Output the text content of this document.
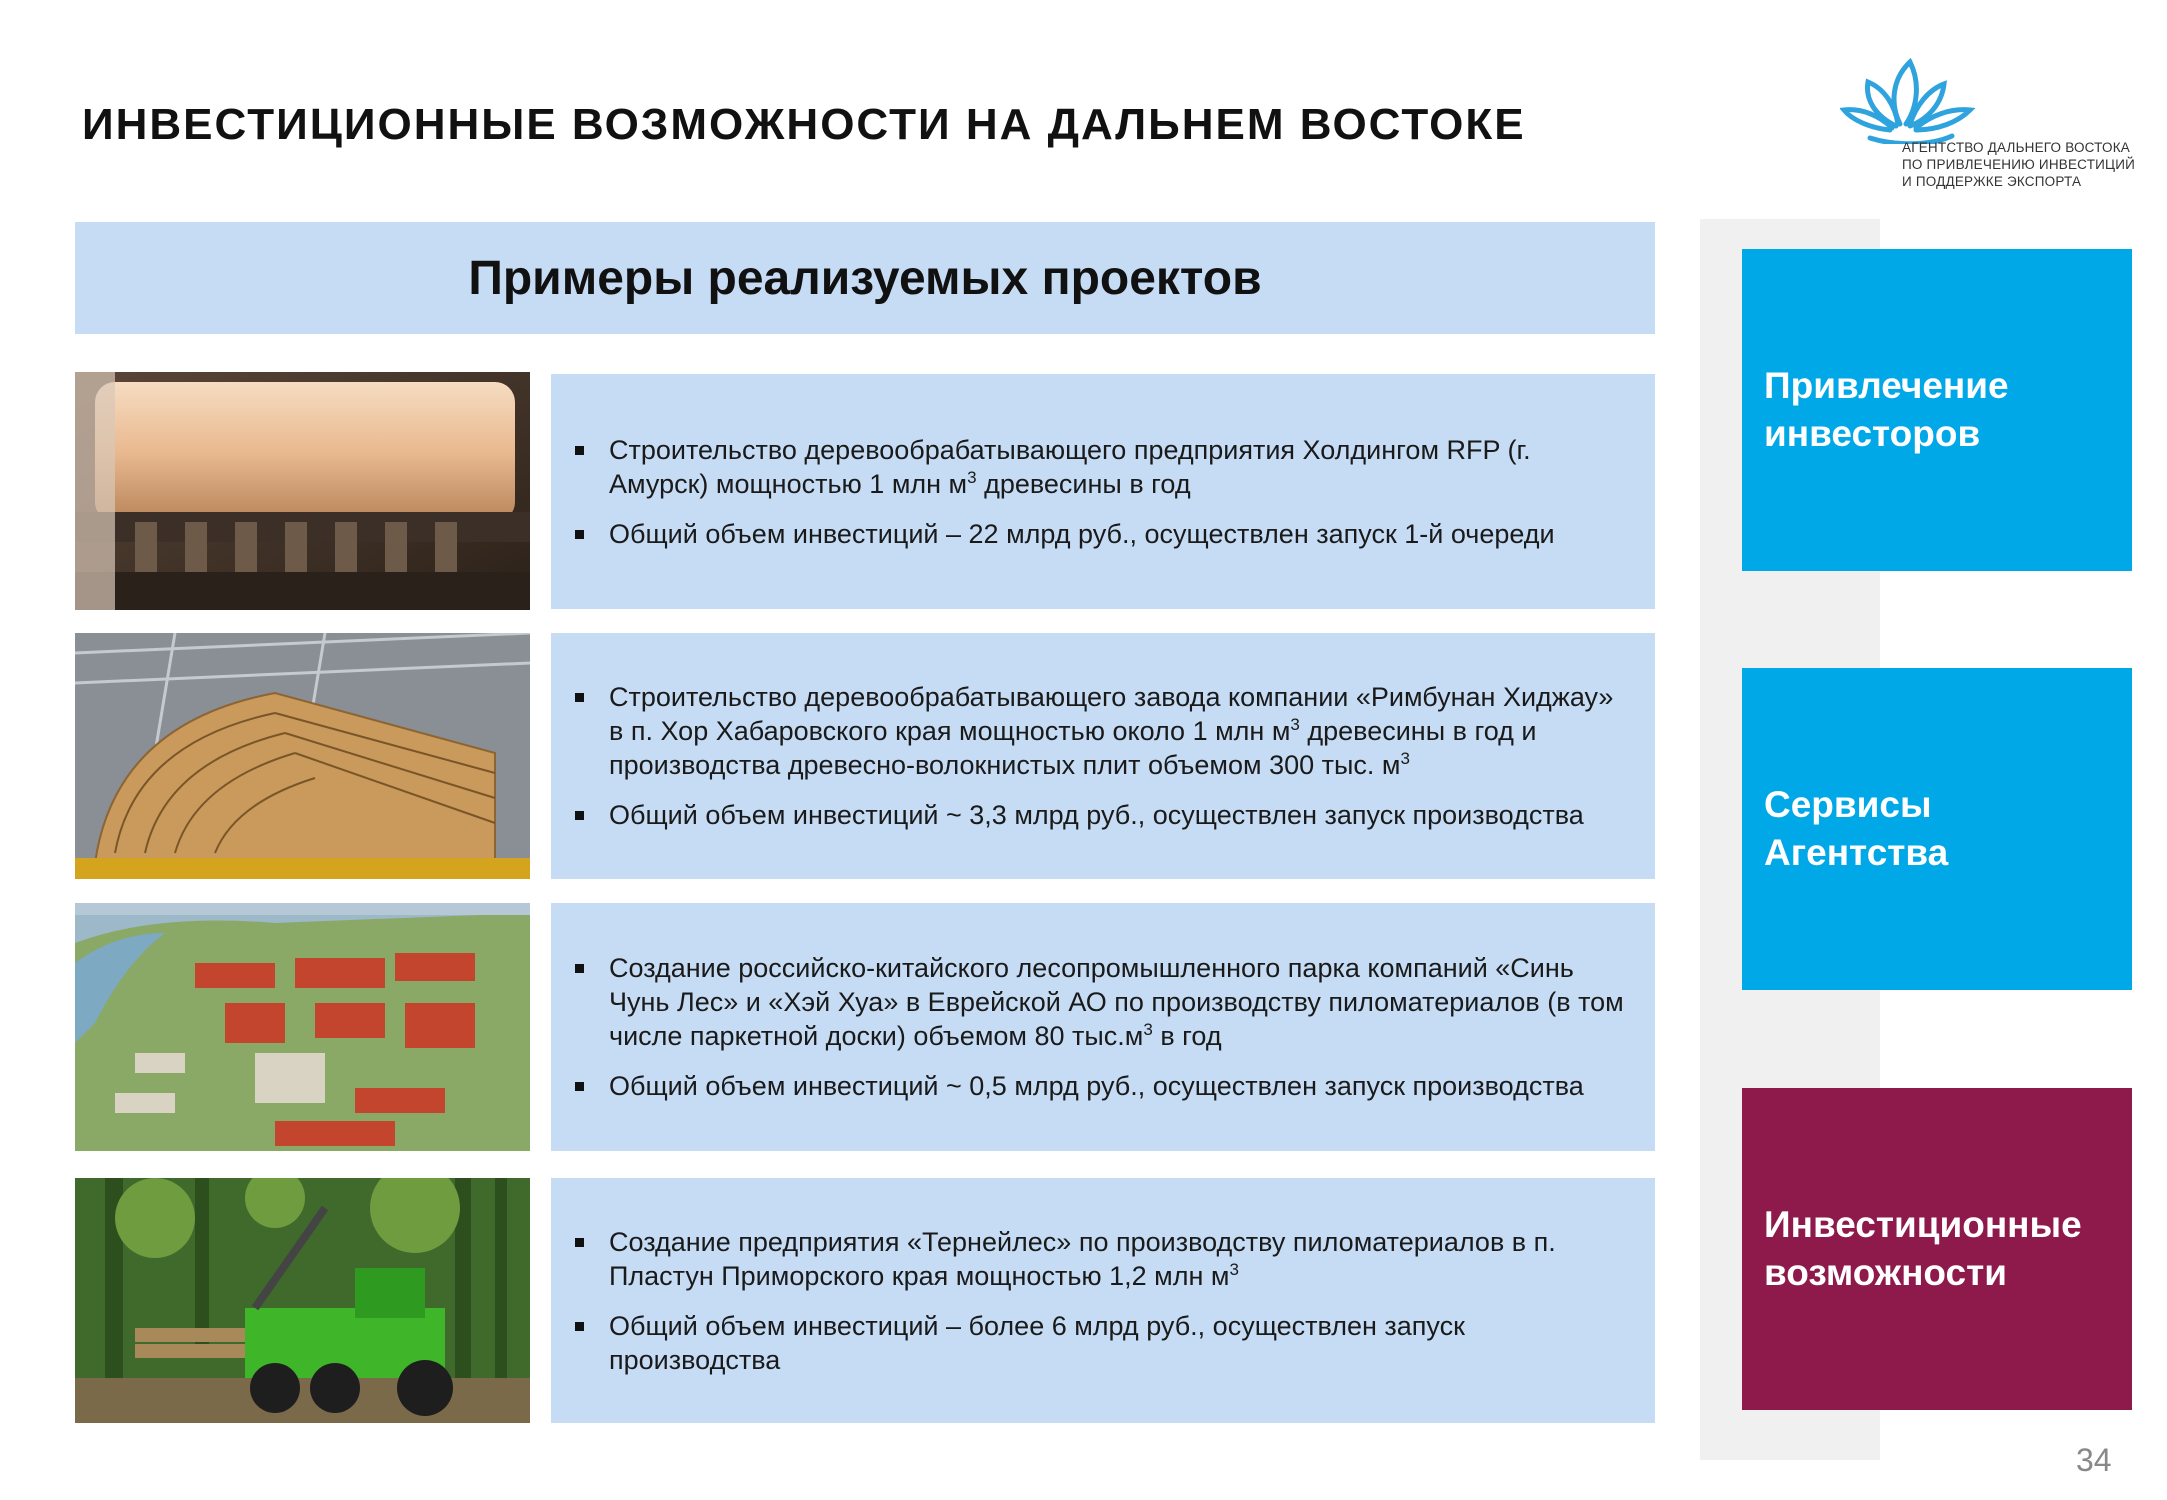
ИНВЕСТИЦИОННЫЕ ВОЗМОЖНОСТИ НА ДАЛЬНЕМ ВОСТОКЕ	АГЕНТСТВО ДАЛЬНЕГО ВОСТОКА
ПО ПРИВЛЕЧЕНИЮ ИНВЕСТИЦИЙ
И ПОДДЕРЖКЕ ЭКСПОРТА
Примеры реализуемых проектов
Строительство деревообрабатывающего предприятия Холдингом RFP (г. Амурск) мощностью 1 млн $м^3$ древесины в год
Общий объем инвестиций – 22 млрд руб., осуществлен запуск 1-й очереди
Строительство деревообрабатывающего завода компании «Римбунан Хиджау» в п. Хор Хабаровского края мощностью около 1 млн $м^3$ древесины в год и производства древесно-волокнистых плит объемом 300 тыс. $м^3$
Общий объем инвестиций ~ 3,3 млрд руб., осуществлен запуск производства
Создание российско-китайского лесопромышленного парка компаний «Синь Чунь Лес» и «Хэй Хуа» в Еврейской АО по производству пиломатериалов (в том числе паркетной доски) объемом 80 $тыс.м^3$ в год
Общий объем инвестиций ~ 0,5 млрд руб., осуществлен запуск производства
Создание предприятия «Тернейлес» по производству пиломатериалов в п. Пластун Приморского края мощностью 1,2 млн $м^3$
Общий объем инвестиций – более 6 млрд руб., осуществлен запуск производства
Привлечение
инвесторов
Сервисы
Агентства
Инвестиционные
возможности
34
